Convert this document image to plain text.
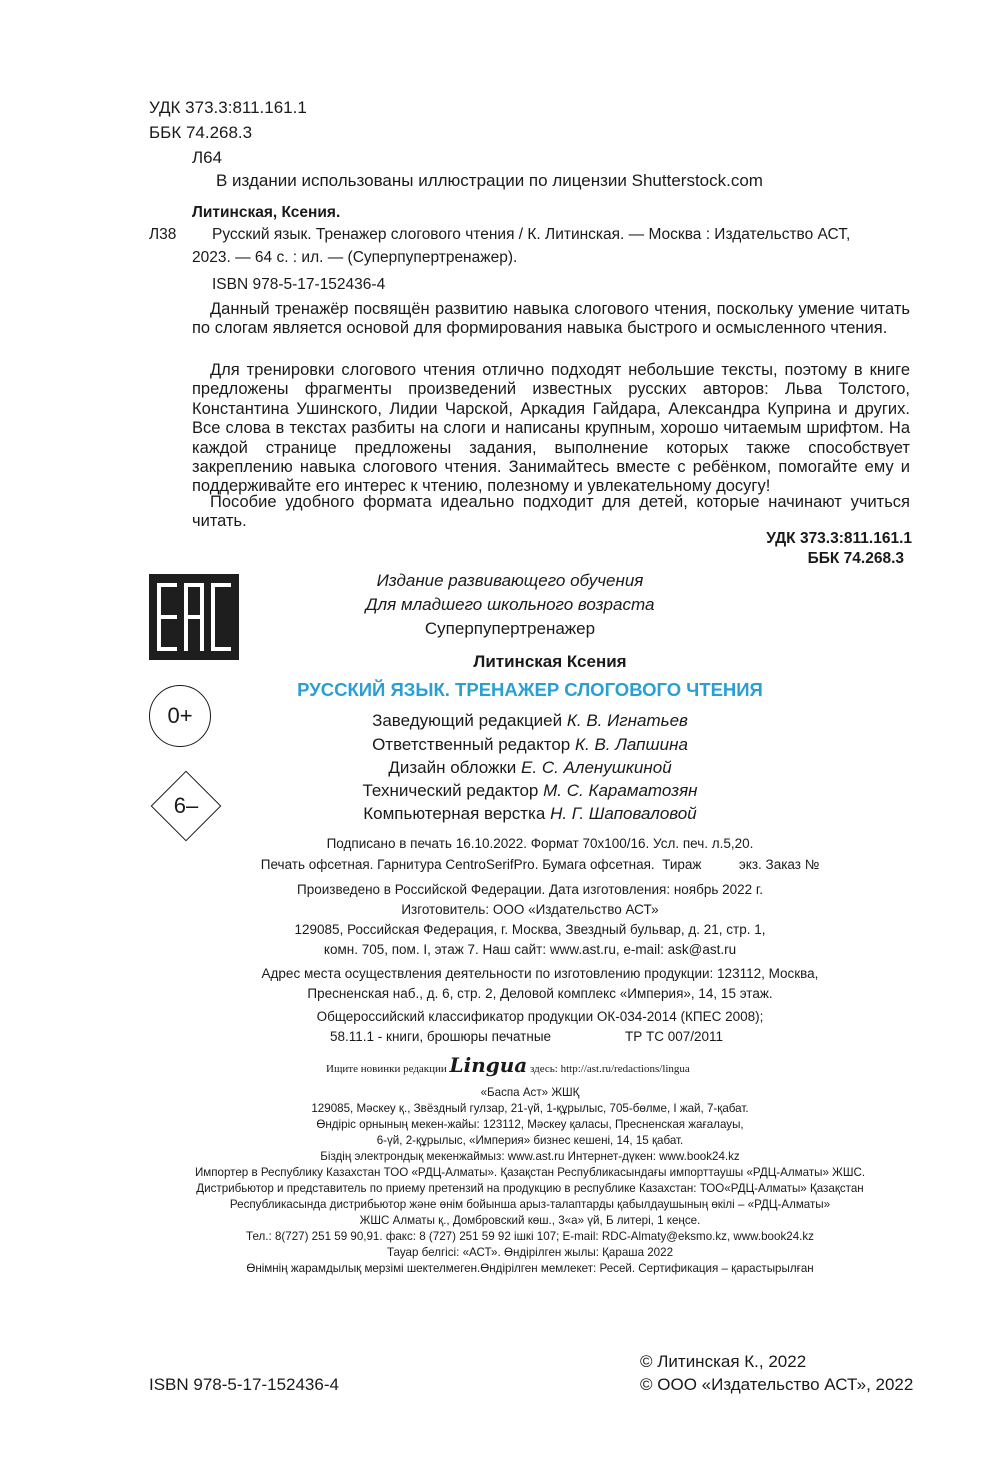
УДК 373.3:811.161.1
ББК 74.268.3
Л64
В издании использованы иллюстрации по лицензии Shutterstock.com
Литинская, Ксения.
Л38 Русский язык. Тренажер слогового чтения / К. Литинская. — Москва : Издательство АСТ,
2023. — 64 с. : ил. — (Суперпупертренажер).
ISBN 978-5-17-152436-4
Данный тренажёр посвящён развитию навыка слогового чтения, поскольку умение читать по слогам является основой для формирования навыка быстрого и осмысленного чтения.
Для тренировки слогового чтения отлично подходят небольшие тексты, поэтому в книге предложены фрагменты произведений известных русских авторов: Льва Толстого, Константина Ушинского, Лидии Чарской, Аркадия Гайдара, Александра Куприна и других. Все слова в текстах разбиты на слоги и написаны крупным, хорошо читаемым шрифтом. На каждой странице предложены задания, выполнение которых также способствует закреплению навыка слогового чтения. Занимайтесь вместе с ребёнком, помогайте ему и поддерживайте его интерес к чтению, полезному и увлекательному досугу!
Пособие удобного формата идеально подходит для детей, которые начинают учиться читать.
УДК 373.3:811.161.1
ББК 74.268.3
0+
6–
Издание развивающего обучения
Для младшего школьного возраста
Суперпупертренажер
Литинская Ксения
РУССКИЙ ЯЗЫК. ТРЕНАЖЕР СЛОГОВОГО ЧТЕНИЯ
Заведующий редакцией К. В. Игнатьев
Ответственный редактор К. В. Лапшина
Дизайн обложки Е. С. Аленушкиной
Технический редактор М. С. Караматозян
Компьютерная верстка Н. Г. Шаповаловой
Подписано в печать 16.10.2022. Формат 70х100/16. Усл. печ. л.5,20.
Печать офсетная. Гарнитура CentroSerifPro. Бумага офсетная.  Тираж          экз. Заказ №
Произведено в Российской Федерации. Дата изготовления: ноябрь 2022 г.
Изготовитель: ООО «Издательство АСТ»
129085, Российская Федерация, г. Москва, Звездный бульвар, д. 21, стр. 1,
комн. 705, пом. I, этаж 7. Наш сайт: www.ast.ru, e-mail: ask@ast.ru
Адрес места осуществления деятельности по изготовлению продукции: 123112, Москва,
Пресненская наб., д. 6, стр. 2, Деловой комплекс «Империя», 14, 15 этаж.
Общероссийский классификатор продукции ОК-034-2014 (КПЕС 2008);
58.11.1 - книги, брошюры печатные	ТР ТС 007/2011
Ищите новинки редакции Lingua здесь: http://ast.ru/redactions/lingua
«Баспа Аст» ЖШҚ
129085, Мәскеу қ., Звёздный гулзар, 21-үй, 1-құрылыс, 705-бөлме, I жай, 7-қабат.
Өндіріс орнының мекен-жайы: 123112, Мәскеу қаласы, Пресненская жағалауы,
6-үй, 2-құрылыс, «Империя» бизнес кешені, 14, 15 қабат.
Біздің электрондық мекенжаймыз: www.ast.ru Интернет-дүкен: www.book24.kz
Импортер в Республику Казахстан ТОО «РДЦ-Алматы». Қазақстан Республикасындағы импорттаушы «РДЦ-Алматы» ЖШС.
Дистрибьютор и представитель по приему претензий на продукцию в республике Казахстан: ТОО«РДЦ-Алматы» Қазақстан
Республикасында дистрибьютор және өнім бойынша арыз-талаптарды қабылдаушының өкілі – «РДЦ-Алматы»
ЖШС Алматы қ., Домбровский көш., 3«а» үй, Б литері, 1 кеңсе.
Тел.: 8(727) 251 59 90,91. факс: 8 (727) 251 59 92 ішкі 107; E-mail: RDC-Almaty@eksmo.kz, www.book24.kz
Тауар белгісі: «АСТ». Өндірілген жылы: Қараша 2022
Өнімнің жарамдылық мерзімі шектелмеген.Өндірілген мемлекет: Ресей. Сертификация – қарастырылған
ISBN 978-5-17-152436-4
© Литинская К., 2022
© ООО «Издательство АСТ», 2022
